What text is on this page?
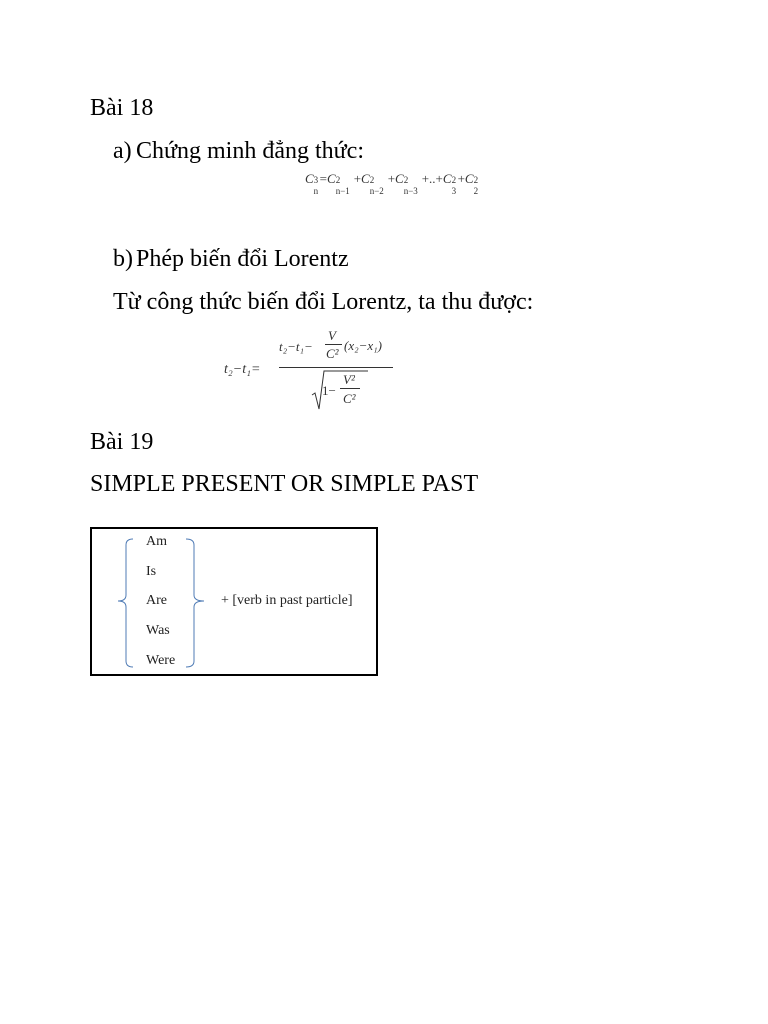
Bài 18
a) Chứng minh đẳng thức:
C 3
n
=C 2
n−1
+C 2
n−2
+C 2
n−3
+..+C 2
3
+C 2
2
b) Phép biến đổi Lorentz
Từ công thức biến đổi Lorentz, ta thu được:
t₂−t₁=
t₂−t₁−
V
C²
(x₂−x₁)
1−
V²
C²
Bài 19
SIMPLE PRESENT OR SIMPLE PAST
Am
Is
Are
Was
Were
+ [verb in past particle]
